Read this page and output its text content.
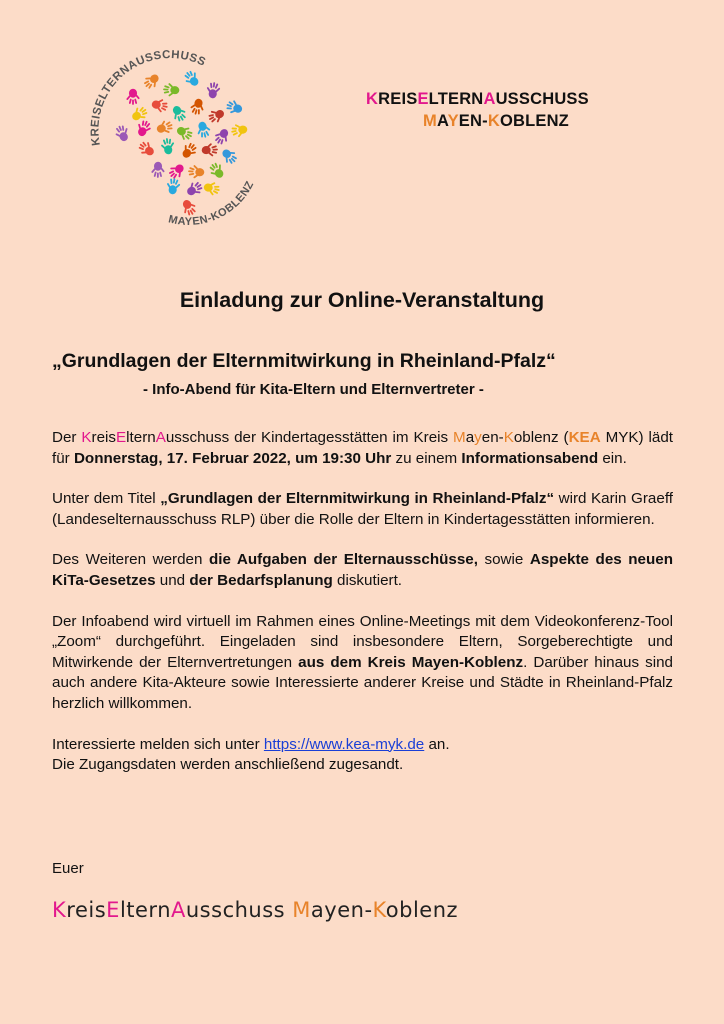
KREISELTERNAUSSCHUSS
MAYEN-KOBLENZ
KREISELTERNAUSSCHUSS
MAYEN-KOBLENZ
Einladung zur Online-Veranstaltung
„Grundlagen der Elternmitwirkung in Rheinland-Pfalz“
- Info-Abend für Kita-Eltern und Elternvertreter -

Der KreisElternAusschuss der Kindertagesstätten im Kreis Mayen-Koblenz (KEA MYK) lädt für Donnerstag, 17. Februar 2022, um 19:30 Uhr zu einem Informationsabend ein.

Unter dem Titel „Grundlagen der Elternmitwirkung in Rheinland-Pfalz“ wird Karin Graeff (Landeselternausschuss RLP) über die Rolle der Eltern in Kindertagesstätten informieren.

Des Weiteren werden die Aufgaben der Elternausschüsse, sowie Aspekte des neuen KiTa-Gesetzes und der Bedarfsplanung diskutiert.

Der Infoabend wird virtuell im Rahmen eines Online-Meetings mit dem Videokonferenz-Tool „Zoom“ durchgeführt. Eingeladen sind insbesondere Eltern, Sorgeberechtigte und Mitwirkende der Elternvertretungen aus dem Kreis Mayen-Koblenz. Darüber hinaus sind auch andere Kita-Akteure sowie Interessierte anderer Kreise und Städte in Rheinland-Pfalz herzlich willkommen.

Interessierte melden sich unter https://www.kea-myk.de an.
Die Zugangsdaten werden anschließend zugesandt.

Euer
KreisElternAusschuss Mayen-Koblenz
